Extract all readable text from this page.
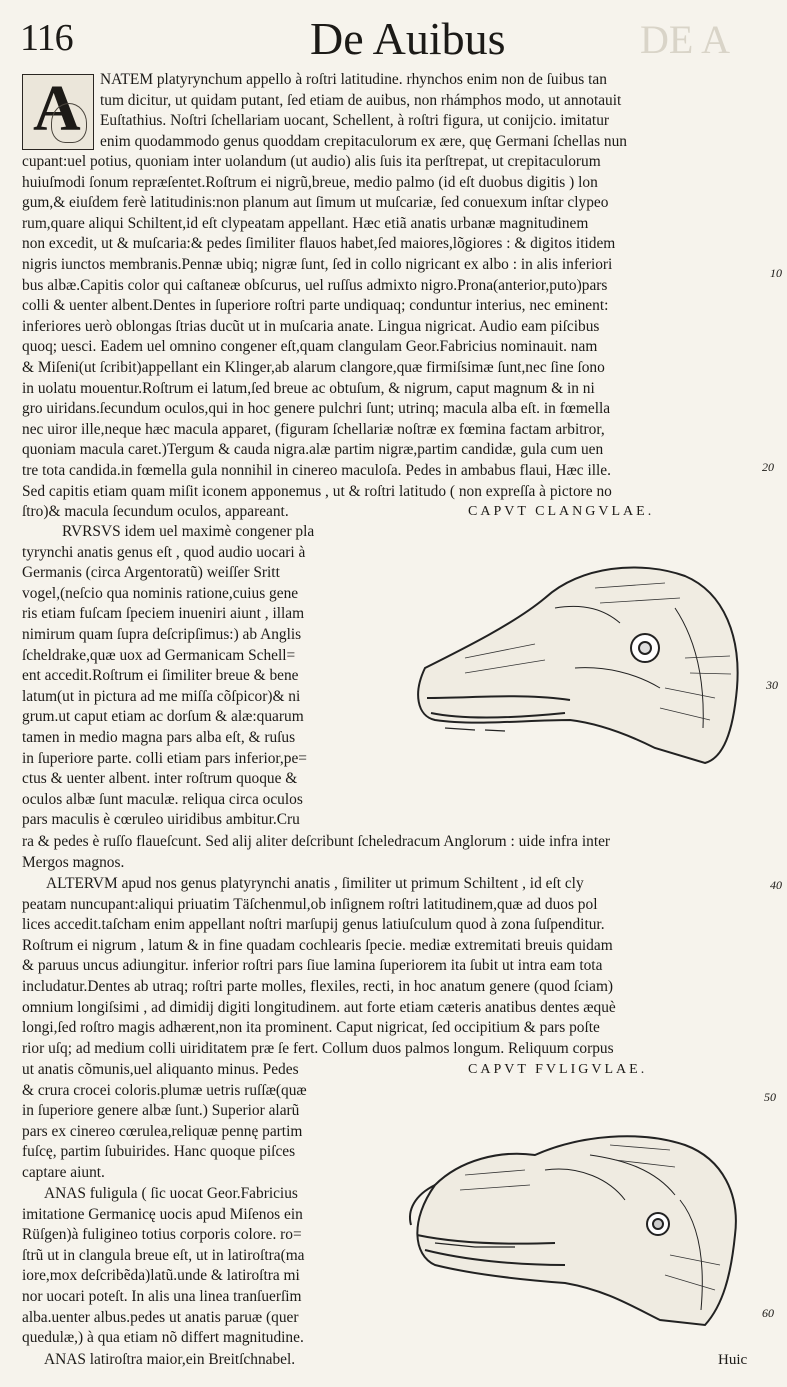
116	De Auibus	DE A
A	NATEM platyrynchum appello à roſtri latitudine. rhynchos enim non de ſuibus tan
tum dicitur, ut quidam putant, ſed etiam de auibus, non rhámphos modo, ut annotauit
Euſtathius. Noſtri ſchellariam uocant, Schellent, à roſtri figura, ut conijcio. imitatur
enim quodammodo genus quoddam crepitaculorum ex ære, quę Germani ſchellas nun
cupant:uel potius, quoniam inter uolandum (ut audio) alis ſuis ita perſtrepat, ut crepitaculorum
huiuſmodi ſonum repræſentet.Roſtrum ei nigrũ,breue, medio palmo (id eſt duobus digitis ) lon
gum,& eiuſdem ferè latitudinis:non planum aut ſimum ut muſcariæ, ſed conuexum inſtar clypeo
rum,quare aliqui Schiltent,id eſt clypeatam appellant. Hæc etiã anatis urbanæ magnitudinem
non excedit, ut & muſcaria:& pedes ſimiliter flauos habet,ſed maiores,lõgiores : & digitos itidem
nigris iunctos membranis.Pennæ ubiq; nigræ ſunt, ſed in collo nigricant ex albo : in alis inferiori
bus albæ.Capitis color qui caſtaneæ obſcurus, uel ruſſus admixto nigro.Prona(anterior,puto)pars
colli & uenter albent.Dentes in ſuperiore roſtri parte undiquaq; conduntur interius, nec eminent:
inferiores uerò oblongas ſtrias ducũt ut in muſcaria anate. Lingua nigricat. Audio eam piſcibus
quoq; uesci. Eadem uel omnino congener eſt,quam clangulam Geor.Fabricius nominauit. nam
& Miſeni(ut ſcribit)appellant ein Klinger,ab alarum clangore,quæ firmiſsimæ ſunt,nec ſine ſono
in uolatu mouentur.Roſtrum ei latum,ſed breue ac obtuſum, & nigrum, caput magnum & in ni
gro uiridans.ſecundum oculos,qui in hoc genere pulchri ſunt; utrinq; macula alba eſt. in fœmella
nec uiror ille,neque hæc macula apparet, (figuram ſchellariæ noſtræ ex fœmina factam arbitror,
quoniam macula caret.)Tergum & cauda nigra.alæ partim nigræ,partim candidæ, gula cum uen
tre tota candida.in fœmella gula nonnihil in cinereo maculoſa. Pedes in ambabus flaui, Hæc ille.
Sed capitis etiam quam miſit iconem apponemus , ut & roſtri latitudo ( non expreſſa à pictore no
ſtro)& macula ſecundum oculos, appareant.	CAPVT CLANGVLAE.
RVRSVS idem uel maximè congener pla
tyrynchi anatis genus eſt , quod audio uocari à
Germanis (circa Argentoratũ) weiſſer Sritt
vogel,(neſcio qua nominis ratione,cuius gene
ris etiam fuſcam ſpeciem inueniri aiunt , illam
nimirum quam ſupra deſcripſimus:) ab Anglis
ſcheldrake,quæ uox ad Germanicam Schell=
ent accedit.Roſtrum ei ſimiliter breue & bene
latum(ut in pictura ad me miſſa cõſpicor)& ni
grum.ut caput etiam ac dorſum & alæ:quarum
tamen in medio magna pars alba eſt, & ruſus
in ſuperiore parte. colli etiam pars inferior,pe=
ctus & uenter albent. inter roſtrum quoque &
oculos albæ ſunt maculæ. reliqua circa oculos
pars maculis è cœruleo uiridibus ambitur.Cru
ra & pedes è ruſſo flaueſcunt. Sed alij aliter deſcribunt ſcheledracum Anglorum : uide infra inter
Mergos magnos.
ALTERVM apud nos genus platyrynchi anatis , ſimiliter ut primum Schiltent , id eſt cly
peatam nuncupant:aliqui priuatim Täſchenmul,ob inſignem roſtri latitudinem,quæ ad duos pol
lices accedit.taſcham enim appellant noſtri marſupij genus latiuſculum quod à zona ſuſpenditur.
Roſtrum ei nigrum , latum & in fine quadam cochlearis ſpecie. mediæ extremitati breuis quidam
& paruus uncus adiungitur. inferior roſtri pars ſiue lamina ſuperiorem ita ſubit ut intra eam tota
includatur.Dentes ab utraq; roſtri parte molles, flexiles, recti, in hoc anatum genere (quod ſciam)
omnium longiſsimi , ad dimidij digiti longitudinem. aut forte etiam cæteris anatibus dentes æquè
longi,ſed roſtro magis adhærent,non ita prominent. Caput nigricat, ſed occipitium & pars poſte
rior uſq; ad medium colli uiriditatem præ ſe fert. Collum duos palmos longum. Reliquum corpus
ut anatis cõmunis,uel aliquanto minus. Pedes
& crura crocei coloris.plumæ uetris ruſſæ(quæ
in ſuperiore genere albæ ſunt.) Superior alarũ
pars ex cinereo cœrulea,reliquæ pennę partim
fuſcę, partim ſubuirides. Hanc quoque piſces
captare aiunt.
CAPVT FVLIGVLAE.
ANAS fuligula ( ſic uocat Geor.Fabricius
imitatione Germanicę uocis apud Miſenos ein
Rüſgen)à fuligineo totius corporis colore. ro=
ſtrũ ut in clangula breue eſt, ut in latiroſtra(ma
iore,mox deſcribẽda)latũ.unde & latiroſtra mi
nor uocari poteſt. In alis una linea tranſuerſim
alba.uenter albus.pedes ut anatis paruæ (quer
quedulæ,) à qua etiam nõ differt magnitudine.
ANAS latiroſtra maior,ein Breitſchnabel.	Huic
10
20
30
40
50
60
